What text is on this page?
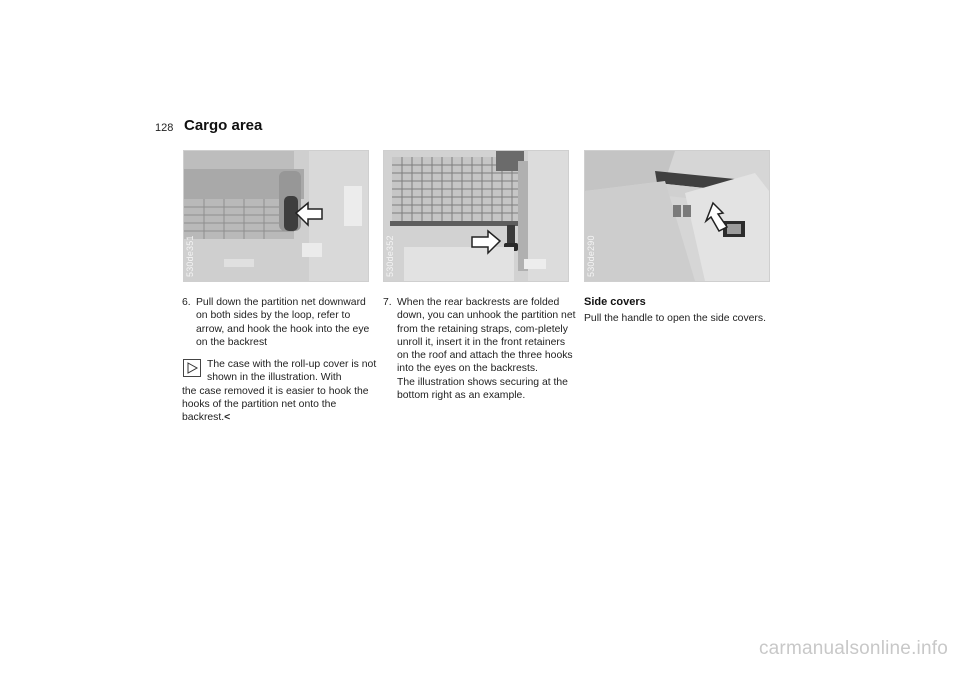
128 Cargo area
530de351	530de352	530de290

6. Pull down the partition net downward on both sides by the loop, refer to arrow, and hook the hook into the eye on the backrest

The case with the roll-up cover is not shown in the illustration. With
the case removed it is easier to hook the hooks of the partition net onto the backrest.<

7. When the rear backrests are folded down, you can unhook the partition net from the retaining straps, com-pletely unroll it, insert it in the front retainers on the roof and attach the three hooks into the eyes on the backrests.
The illustration shows securing at the bottom right as an example.

Side covers
Pull the handle to open the side covers.
carmanualsonline.info
